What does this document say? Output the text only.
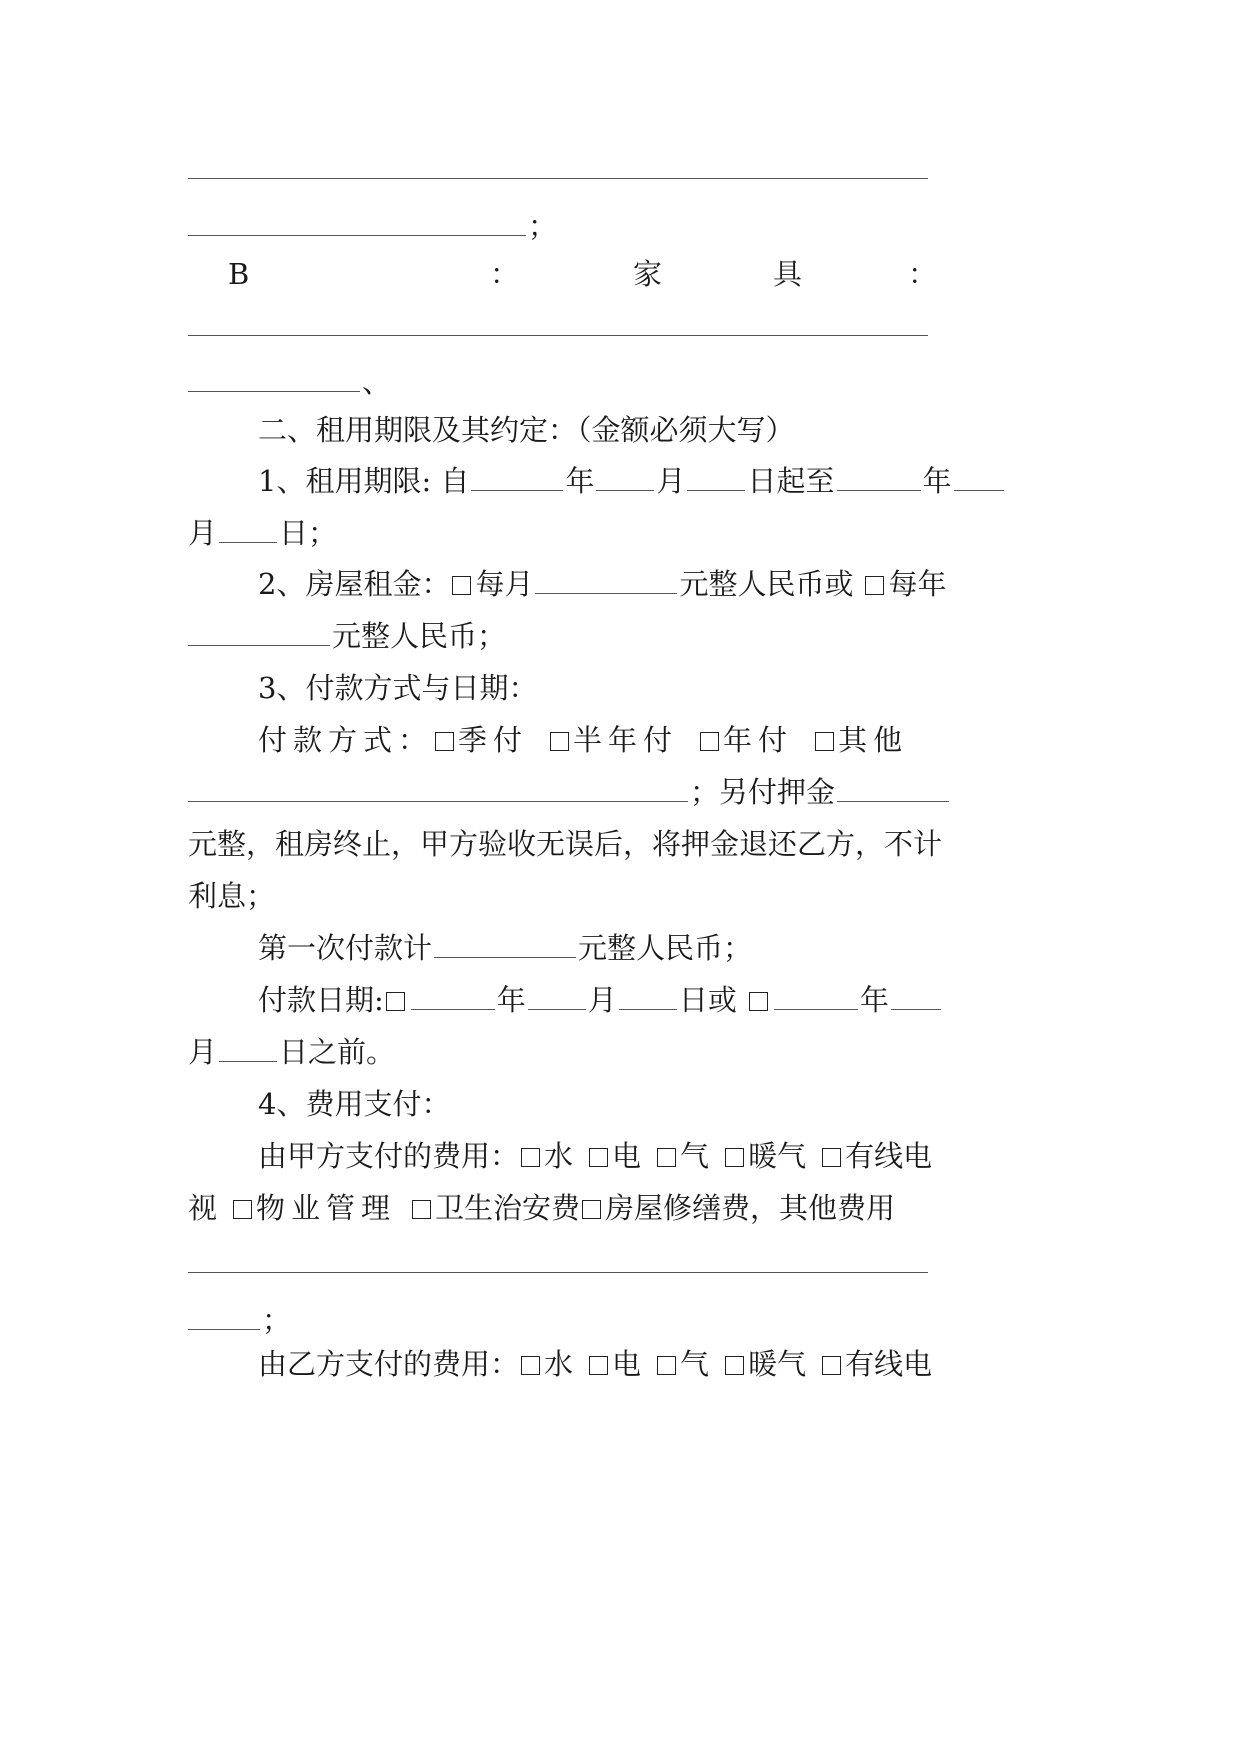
；
B	：	家	具	：
、
二、租用期限及其约定：（金额必须大写）
1、租用期限: 自	年 月 日起至	年
月 日；
2、房屋租金： 每月	元整人民币或 每年
元整人民币；
3、付款方式与日期：
付款方式： 季付 半年付 年付 其他
；另付押金
元整，租房终止，甲方验收无误后，将押金退还乙方，不计
利息；
第一次付款计	元整人民币；
付款日期:	年 月 日或	年
月 日之前。
4、费用支付：
由甲方支付的费用： 水 电 气 暖气 有线电
视 物业管理 卫生治安费 房屋修缮费，其他费用
；
由乙方支付的费用： 水 电 气 暖气 有线电
